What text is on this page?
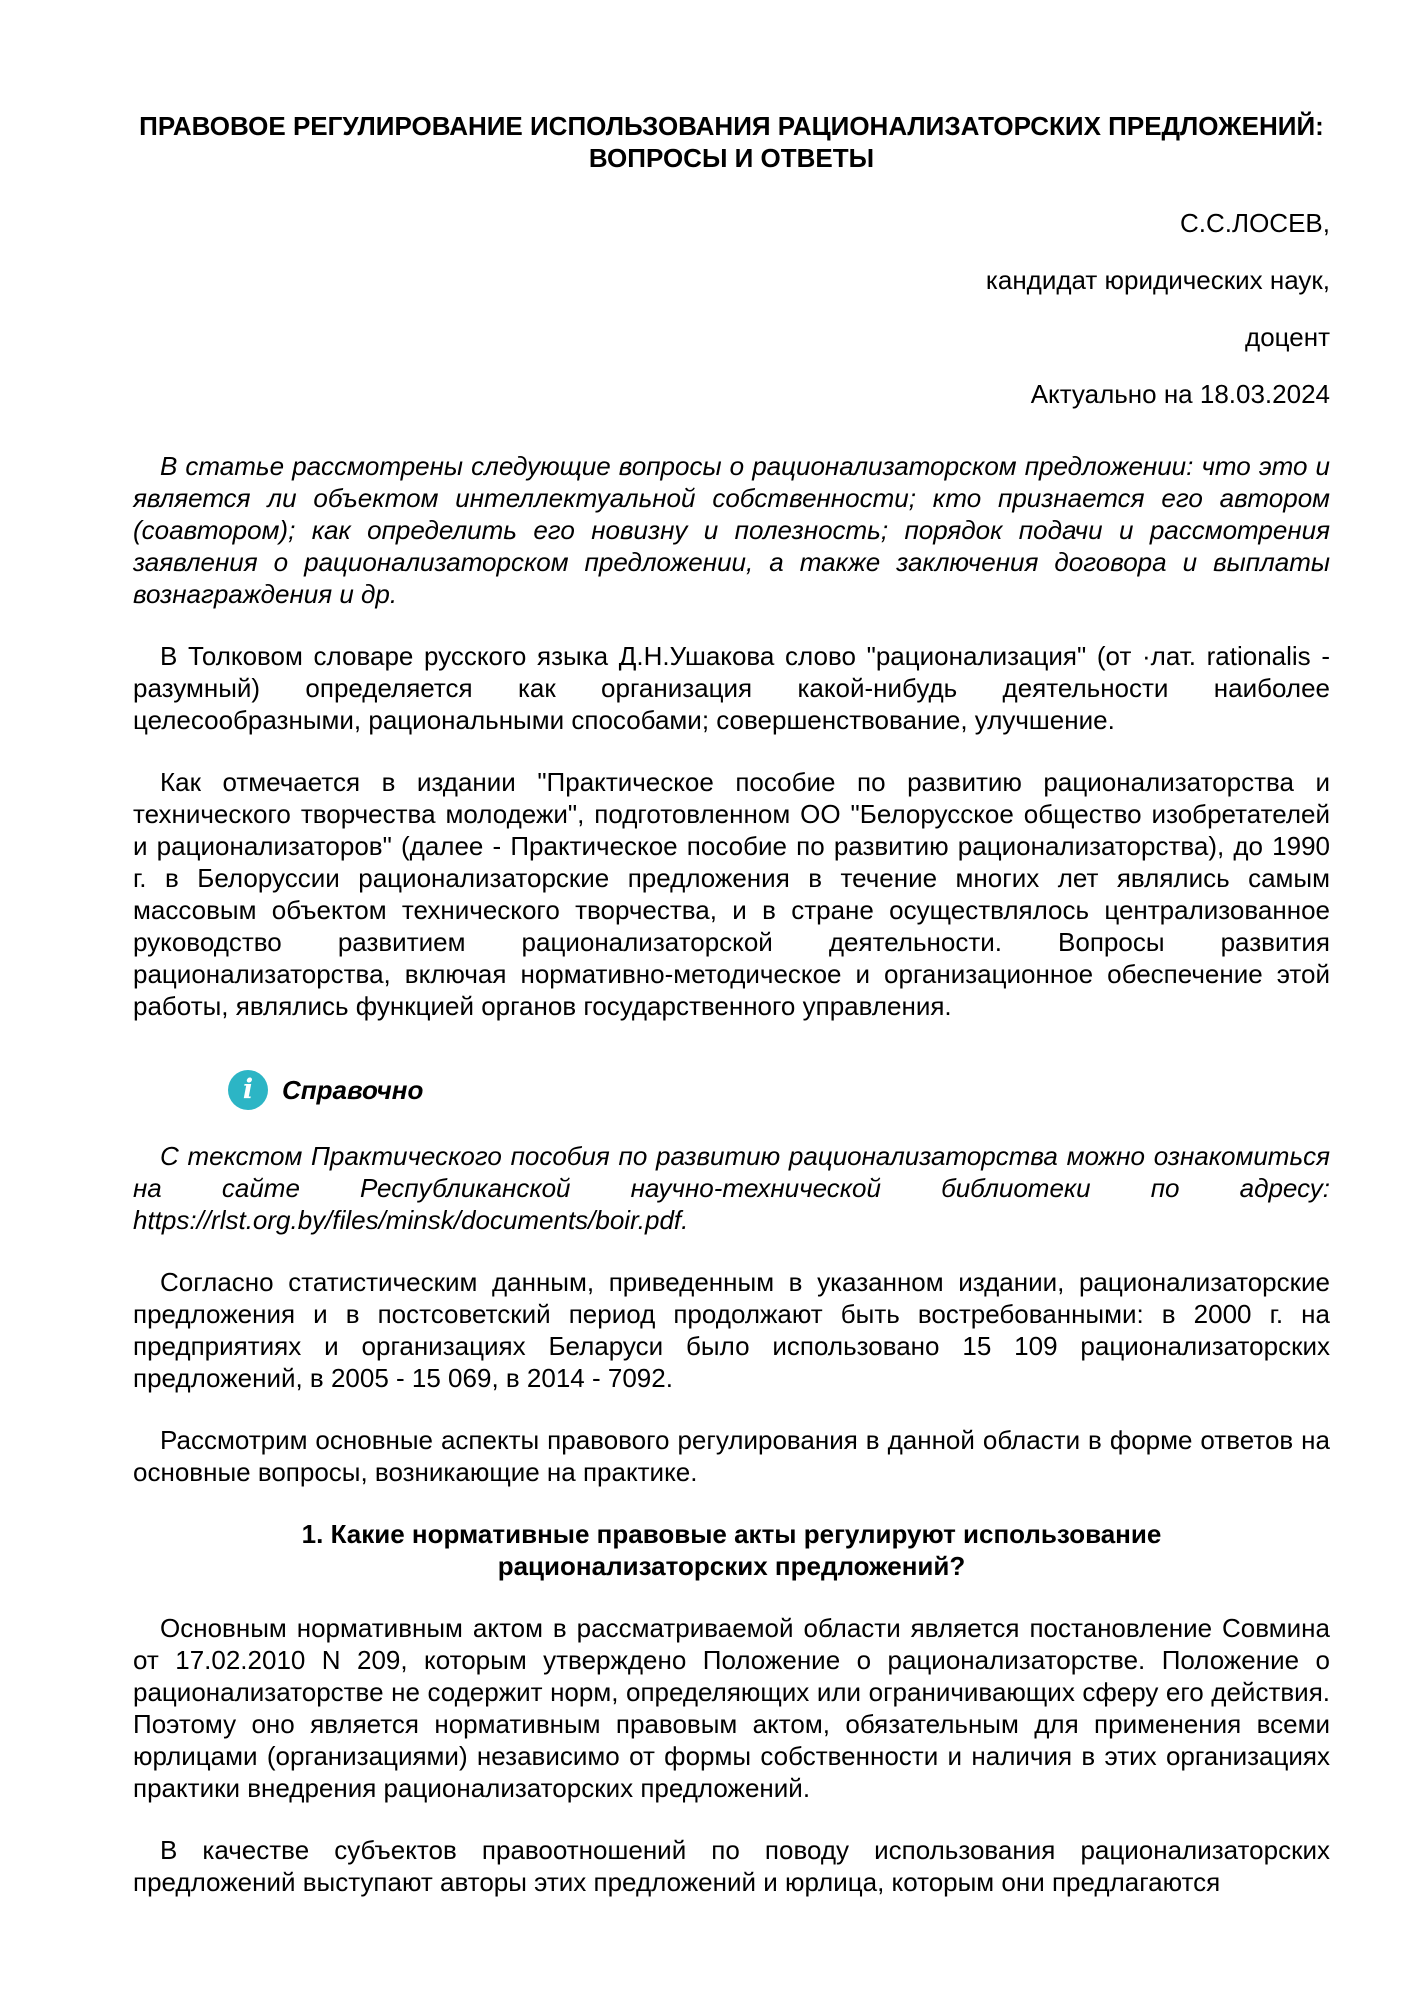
ПРАВОВОЕ РЕГУЛИРОВАНИЕ ИСПОЛЬЗОВАНИЯ РАЦИОНАЛИЗАТОРСКИХ ПРЕДЛОЖЕНИЙ: ВОПРОСЫ И ОТВЕТЫ

С.С.ЛОСЕВ,

кандидат юридических наук,

доцент

Актуально на 18.03.2024

В статье рассмотрены следующие вопросы о рационализаторском предложении: что это и является ли объектом интеллектуальной собственности; кто признается его автором (соавтором); как определить его новизну и полезность; порядок подачи и рассмотрения заявления о рационализаторском предложении, а также заключения договора и выплаты вознаграждения и др.

В Толковом словаре русского языка Д.Н.Ушакова слово "рационализация" (от ·лат. rationalis - разумный) определяется как организация какой-нибудь деятельности наиболее целесообразными, рациональными способами; совершенствование, улучшение.

Как отмечается в издании "Практическое пособие по развитию рационализаторства и технического творчества молодежи", подготовленном ОО "Белорусское общество изобретателей и рационализаторов" (далее - Практическое пособие по развитию рационализаторства), до 1990 г. в Белоруссии рационализаторские предложения в течение многих лет являлись самым массовым объектом технического творчества, и в стране осуществлялось централизованное руководство развитием рационализаторской деятельности. Вопросы развития рационализаторства, включая нормативно-методическое и организационное обеспечение этой работы, являлись функцией органов государственного управления.

i	Справочно

С текстом Практического пособия по развитию рационализаторства можно ознакомиться на сайте Республиканской научно-технической библиотеки по адресу: https://rlst.org.by/files/minsk/documents/boir.pdf.

Согласно статистическим данным, приведенным в указанном издании, рационализаторские предложения и в постсоветский период продолжают быть востребованными: в 2000 г. на предприятиях и организациях Беларуси было использовано 15 109 рационализаторских предложений, в 2005 - 15 069, в 2014 - 7092.

Рассмотрим основные аспекты правового регулирования в данной области в форме ответов на основные вопросы, возникающие на практике.

1. Какие нормативные правовые акты регулируют использование рационализаторских предложений?

Основным нормативным актом в рассматриваемой области является постановление Совмина от 17.02.2010 N 209, которым утверждено Положение о рационализаторстве. Положение о рационализаторстве не содержит норм, определяющих или ограничивающих сферу его действия. Поэтому оно является нормативным правовым актом, обязательным для применения всеми юрлицами (организациями) независимо от формы собственности и наличия в этих организациях практики внедрения рационализаторских предложений.

В качестве субъектов правоотношений по поводу использования рационализаторских предложений выступают авторы этих предложений и юрлица, которым они предлагаются
